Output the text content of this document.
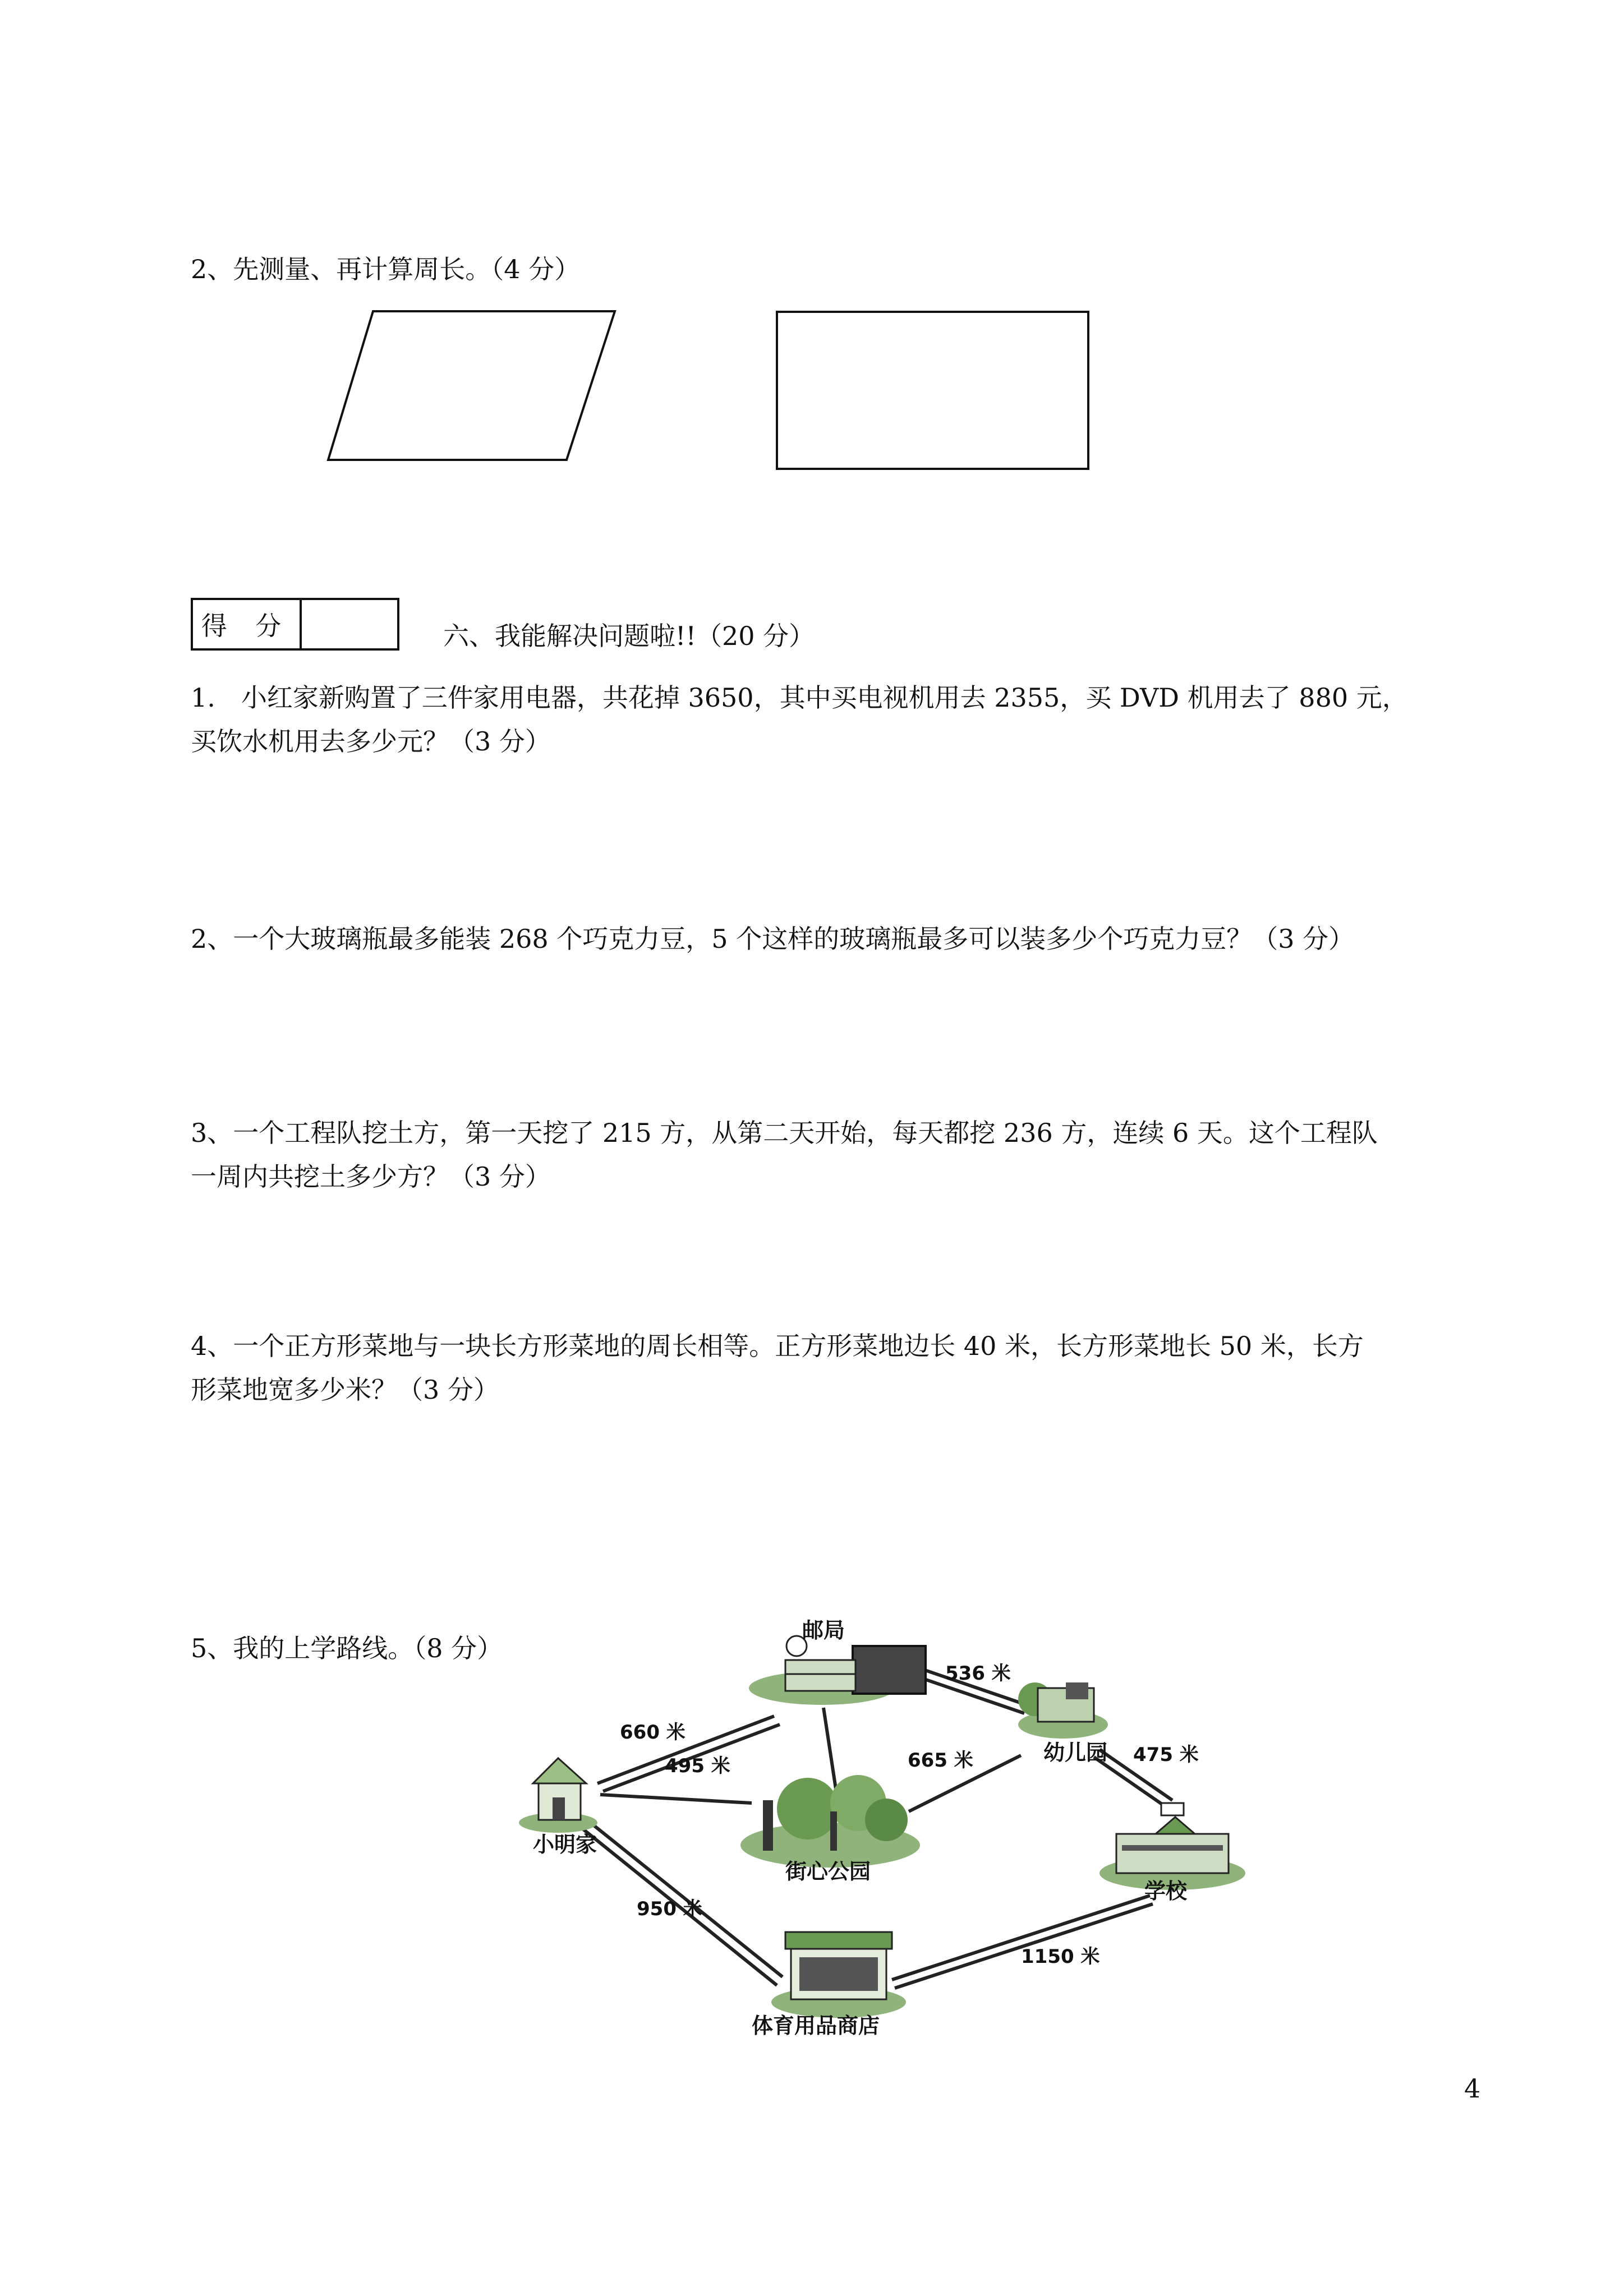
2、先测量、再计算周长。（4 分）
得 分	六、我能解决问题啦!!（20 分）
1.　小红家新购置了三件家用电器，共花掉 3650，其中买电视机用去 2355，买 DVD 机用去了 880 元，
买饮水机用去多少元？（3 分）
2、一个大玻璃瓶最多能装 268 个巧克力豆，5 个这样的玻璃瓶最多可以装多少个巧克力豆？（3 分）
3、一个工程队挖土方，第一天挖了 215 方，从第二天开始，每天都挖 236 方，连续 6 天。这个工程队
一周内共挖土多少方？（3 分）
4、一个正方形菜地与一块长方形菜地的周长相等。正方形菜地边长 40 米，长方形菜地长 50 米，长方
形菜地宽多少米？（3 分）
5、我的上学路线。（8 分）
邮局
幼儿园
小明家
街心公园
学校
体育用品商店
536 米
660 米
495 米	665 米	475 米
950 米
1150 米
4
